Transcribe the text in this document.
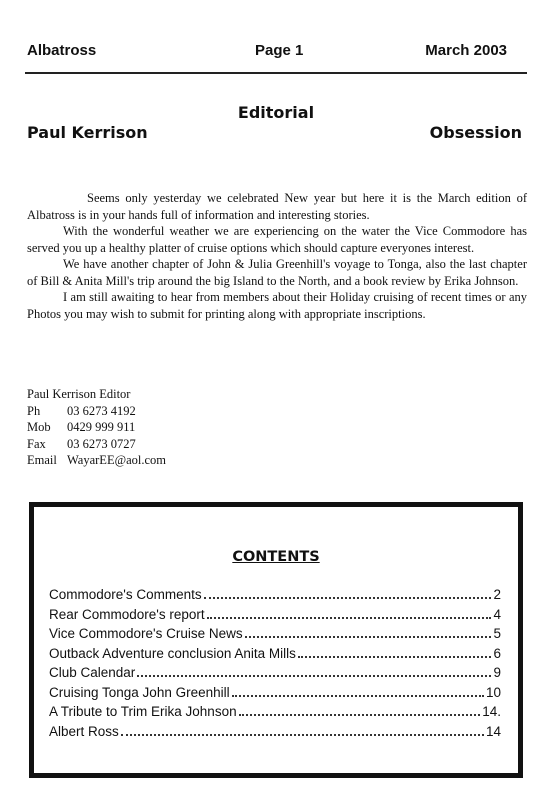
Albatross	Page 1	March 2003
Editorial
Paul Kerrison	Obsession

Seems only yesterday we celebrated New year but here it is the March edition of Albatross is in your hands full of information and interesting stories.

With the wonderful weather we are experiencing on the water the Vice Commodore has served you up a healthy platter of cruise options which should capture everyones interest.

We have another chapter of John & Julia Greenhill's voyage to Tonga, also the last chapter of Bill & Anita Mill's trip around the big Island to the North, and a book review by Erika Johnson.

I am still awaiting to hear from members about their Holiday cruising of recent times or any Photos you may wish to submit for printing along with appropriate inscriptions.

Paul Kerrison Editor
Ph	03 6273 4192
Mob	0429 999 911
Fax	03 6273 0727
Email WayarEE@aol.com
CONTENTS
Commodore's Comments	2
Rear Commodore's report	4
Vice Commodore's Cruise News	5
Outback Adventure conclusion Anita Mills	6
Club Calendar	9
Cruising Tonga John Greenhill	10
A Tribute to Trim Erika Johnson	14.
Albert Ross	14
